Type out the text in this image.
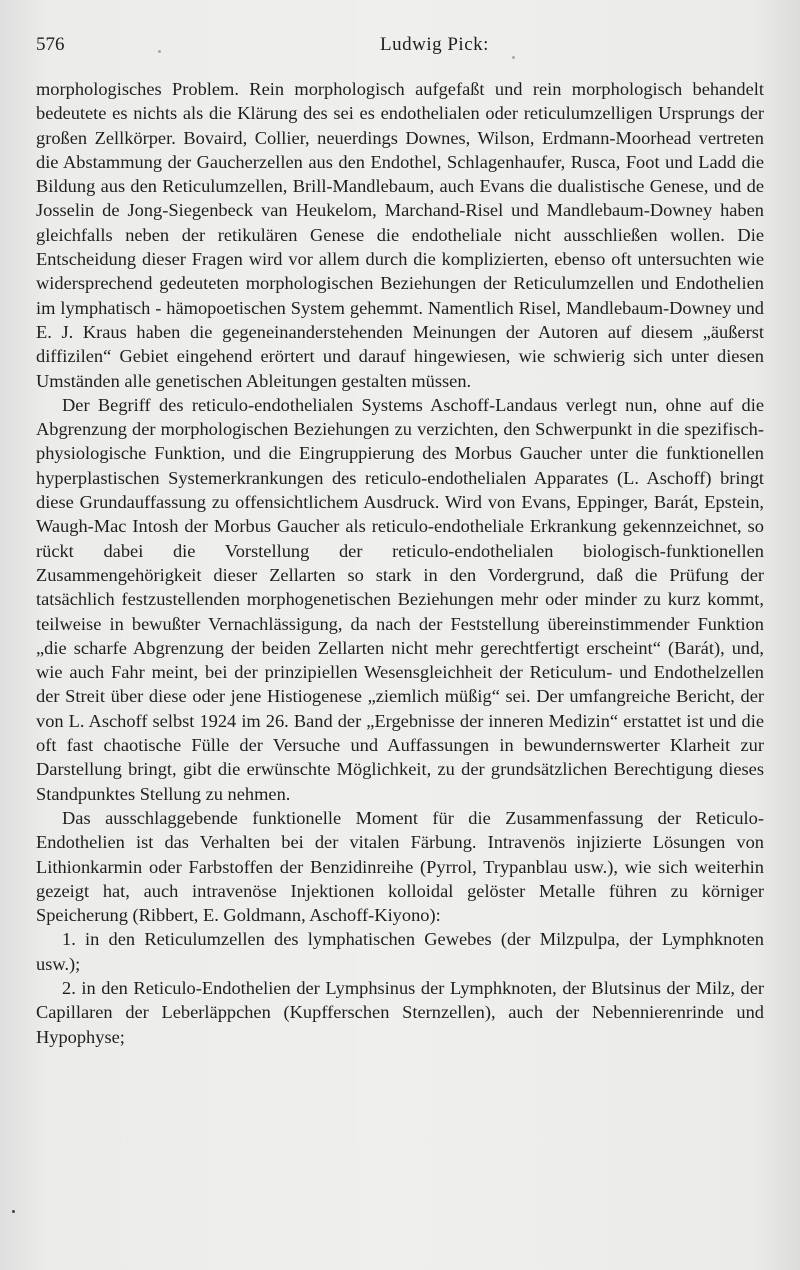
576	Ludwig Pick:

morphologisches Problem. Rein morphologisch aufgefaßt und rein morphologisch behandelt bedeutete es nichts als die Klärung des sei es endothelialen oder reticulumzelligen Ursprungs der großen Zellkörper. Bovaird, Collier, neuerdings Downes, Wilson, Erdmann-Moorhead vertreten die Abstammung der Gaucherzellen aus den Endothel, Schlagenhaufer, Rusca, Foot und Ladd die Bildung aus den Reticulumzellen, Brill-Mandlebaum, auch Evans die dualistische Genese, und de Josselin de Jong-Siegenbeck van Heukelom, Marchand-Risel und Mandlebaum-Downey haben gleichfalls neben der retikulären Genese die endotheliale nicht ausschließen wollen. Die Entscheidung dieser Fragen wird vor allem durch die komplizierten, ebenso oft untersuchten wie widersprechend gedeuteten morphologischen Beziehungen der Reticulumzellen und Endothelien im lymphatisch - hämopoetischen System gehemmt. Namentlich Risel, Mandlebaum-Downey und E. J. Kraus haben die gegeneinanderstehenden Meinungen der Autoren auf diesem „äußerst diffizilen“ Gebiet eingehend erörtert und darauf hingewiesen, wie schwierig sich unter diesen Umständen alle genetischen Ableitungen gestalten müssen.

Der Begriff des reticulo-endothelialen Systems Aschoff-Landaus verlegt nun, ohne auf die Abgrenzung der morphologischen Beziehungen zu verzichten, den Schwerpunkt in die spezifisch-physiologische Funktion, und die Eingruppierung des Morbus Gaucher unter die funktionellen hyperplastischen Systemerkrankungen des reticulo-endothelialen Apparates (L. Aschoff) bringt diese Grundauffassung zu offensichtlichem Ausdruck. Wird von Evans, Eppinger, Barát, Epstein, Waugh-Mac Intosh der Morbus Gaucher als reticulo-endotheliale Erkrankung gekennzeichnet, so rückt dabei die Vorstellung der reticulo-endothelialen biologisch-funktionellen Zusammengehörigkeit dieser Zellarten so stark in den Vordergrund, daß die Prüfung der tatsächlich festzustellenden morphogenetischen Beziehungen mehr oder minder zu kurz kommt, teilweise in bewußter Vernachlässigung, da nach der Feststellung übereinstimmender Funktion „die scharfe Abgrenzung der beiden Zellarten nicht mehr gerechtfertigt erscheint“ (Barát), und, wie auch Fahr meint, bei der prinzipiellen Wesensgleichheit der Reticulum- und Endothelzellen der Streit über diese oder jene Histiogenese „ziemlich müßig“ sei. Der umfangreiche Bericht, der von L. Aschoff selbst 1924 im 26. Band der „Ergebnisse der inneren Medizin“ erstattet ist und die oft fast chaotische Fülle der Versuche und Auffassungen in bewundernswerter Klarheit zur Darstellung bringt, gibt die erwünschte Möglichkeit, zu der grundsätzlichen Berechtigung dieses Standpunktes Stellung zu nehmen.

Das ausschlaggebende funktionelle Moment für die Zusammenfassung der Reticulo-Endothelien ist das Verhalten bei der vitalen Färbung. Intravenös injizierte Lösungen von Lithionkarmin oder Farbstoffen der Benzidinreihe (Pyrrol, Trypanblau usw.), wie sich weiterhin gezeigt hat, auch intravenöse Injektionen kolloidal gelöster Metalle führen zu körniger Speicherung (Ribbert, E. Goldmann, Aschoff-Kiyono):

1. in den Reticulumzellen des lymphatischen Gewebes (der Milzpulpa, der Lymphknoten usw.);

2. in den Reticulo-Endothelien der Lymphsinus der Lymphknoten, der Blutsinus der Milz, der Capillaren der Leberläppchen (Kupfferschen Sternzellen), auch der Nebennierenrinde und Hypophyse;
